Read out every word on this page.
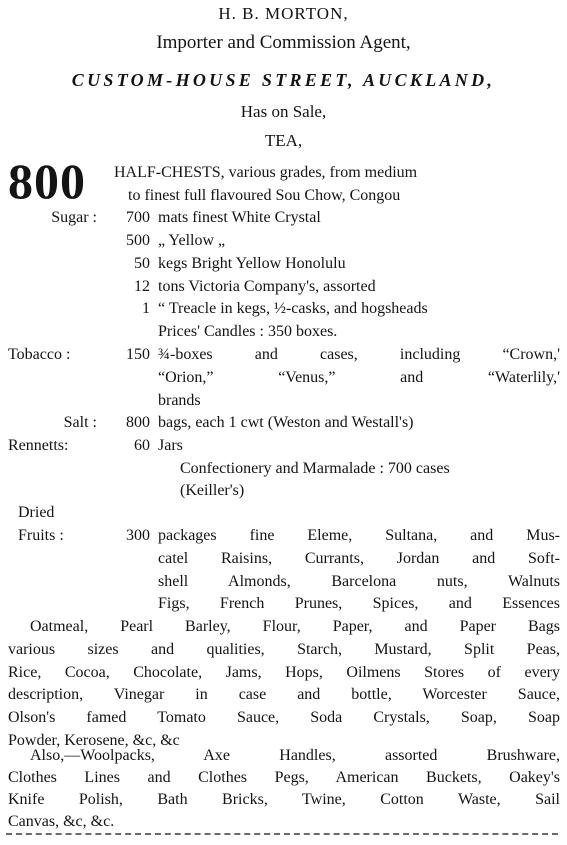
H. B. MORTON,
Importer and Commission Agent,
CUSTOM-HOUSE STREET, AUCKLAND,
Has on Sale,
TEA,
800 HALF-CHESTS, various grades, from medium
to finest full flavoured Sou Chow, Congou
Sugar :	700 mats finest White Crystal
500 „ Yellow „
50 kegs Bright Yellow Honolulu
12 tons Victoria Company's, assorted
1 “ Treacle in kegs, ½-casks, and hogsheads
Prices' Candles : 350 boxes.
Tobacco :	150 ¾-boxes and cases, including “Crown,'
“Orion,” “Venus,” and “Waterlily,'
brands
Salt :	800 bags, each 1 cwt (Weston and Westall's)
Rennetts:	60 Jars
Confectionery and Marmalade : 700 cases
(Keiller's)
Dried
Fruits :	300 packages fine Eleme, Sultana, and Mus-
catel Raisins, Currants, Jordan and Soft-
shell Almonds, Barcelona nuts, Walnuts
Figs, French Prunes, Spices, and Essences
Oatmeal, Pearl Barley, Flour, Paper, and Paper Bags
various sizes and qualities, Starch, Mustard, Split Peas,
Rice, Cocoa, Chocolate, Jams, Hops, Oilmens Stores of every
description, Vinegar in case and bottle, Worcester Sauce,
Olson's famed Tomato Sauce, Soda Crystals, Soap, Soap
Powder, Kerosene, &c, &c
Also,—Woolpacks, Axe Handles, assorted Brushware,
Clothes Lines and Clothes Pegs, American Buckets, Oakey's
Knife Polish, Bath Bricks, Twine, Cotton Waste, Sail
Canvas, &c, &c.
